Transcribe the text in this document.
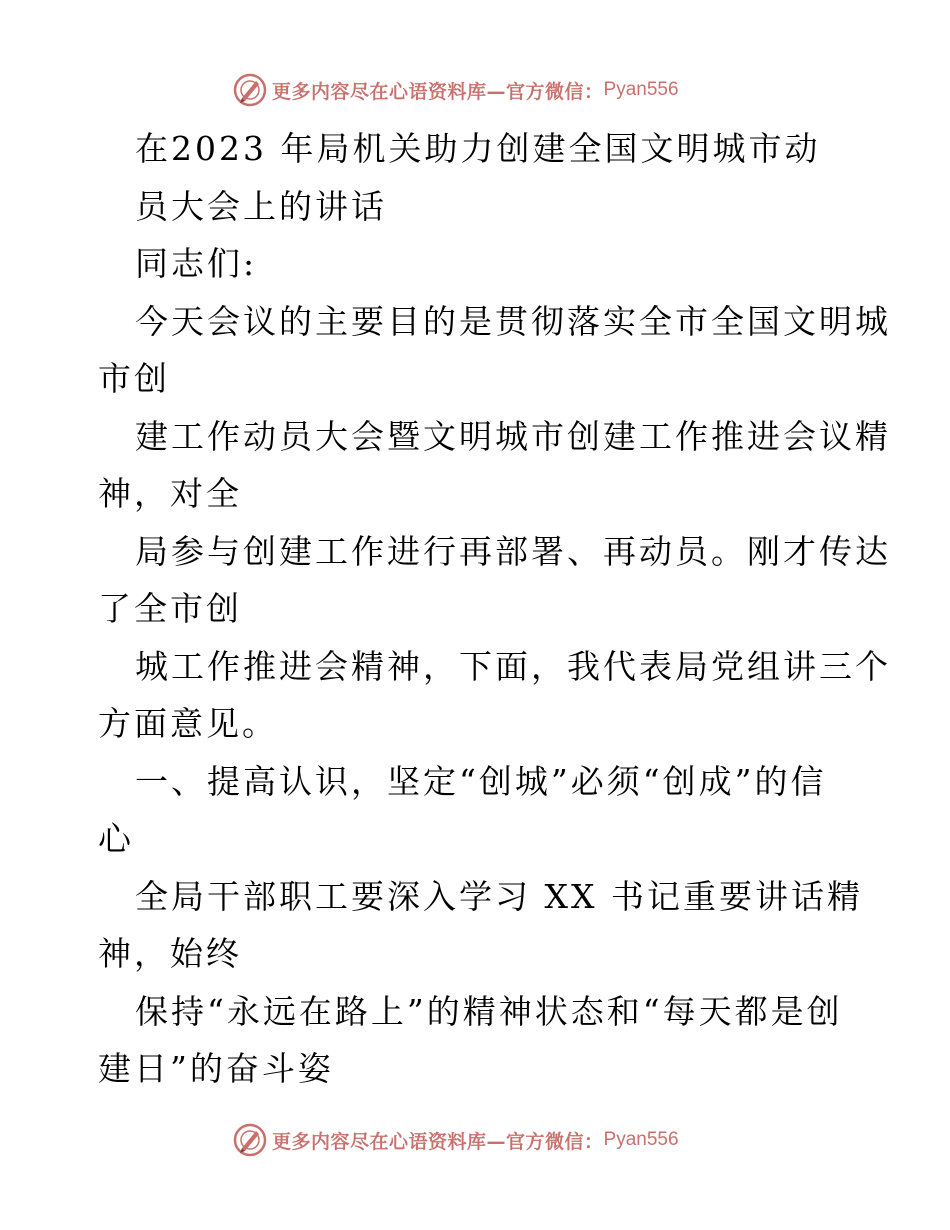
更多内容尽在心语资料库—官方微信： Pyan556
在2023 年局机关助力创建全国文明城市动
员大会上的讲话
同志们:
今天会议的主要目的是贯彻落实全市全国文明城
市创
建工作动员大会暨文明城市创建工作推进会议精
神，对全
局参与创建工作进行再部署、再动员。刚才传达
了全市创
城工作推进会精神，下面，我代表局党组讲三个
方面意见。
一、提高认识，坚定“创城”必须“创成”的信
心
全局干部职工要深入学习 XX 书记重要讲话精
神，始终
保持“永远在路上”的精神状态和“每天都是创
建日”的奋斗姿
更多内容尽在心语资料库—官方微信： Pyan556
